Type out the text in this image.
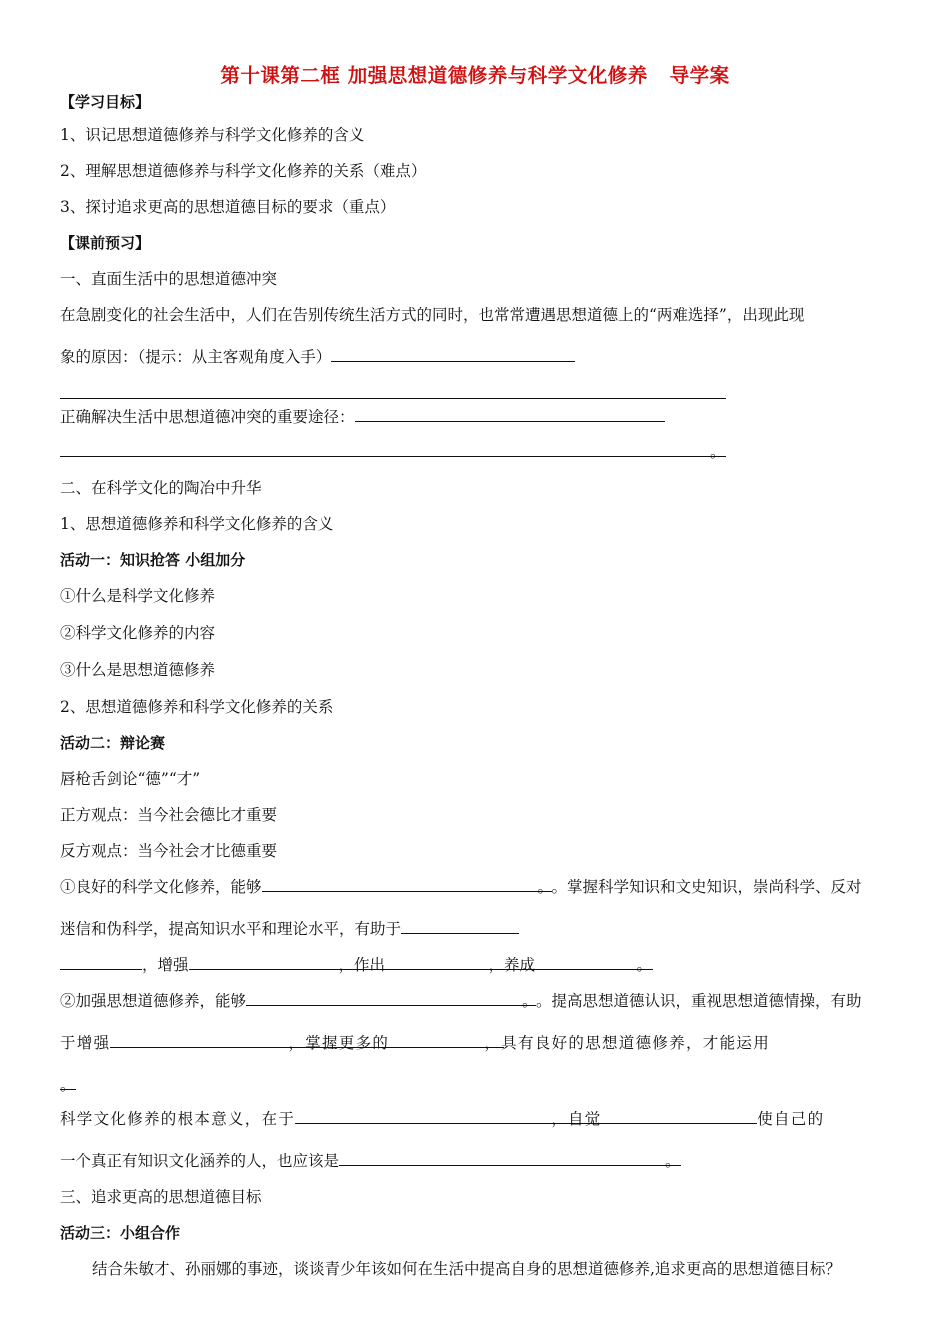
第十课第二框 加强思想道德修养与科学文化修养   导学案
【学习目标】
1、识记思想道德修养与科学文化修养的含义
2、理解思想道德修养与科学文化修养的关系（难点）
3、探讨追求更高的思想道德目标的要求（重点）
【课前预习】
一、直面生活中的思想道德冲突
在急剧变化的社会生活中，人们在告别传统生活方式的同时，也常常遭遇思想道德上的“两难选择”，出现此现
象的原因：（提示：从主客观角度入手）
正确解决生活中思想道德冲突的重要途径：
。
二、在科学文化的陶冶中升华
1、思想道德修养和科学文化修养的含义
活动一：知识抢答 小组加分
①什么是科学文化修养
②科学文化修养的内容
③什么是思想道德修养
2、思想道德修养和科学文化修养的关系
活动二：辩论赛
唇枪舌剑论“德”“才”
正方观点：当今社会德比才重要
反方观点：当今社会才比德重要
①良好的科学文化修养，能够	。。掌握科学知识和文史知识，崇尚科学、反对
迷信和伪科学，提高知识水平和理论水平，有助于
，增强	，作出	，养成	。
②加强思想道德修养，能够	。。提高思想道德认识，重视思想道德情操，有助
于增强	，掌握更多的	，具有良好的思想道德修养，才能运用
。
科学文化修养的根本意义，在于	，自觉	使自己的
一个真正有知识文化涵养的人，也应该是	。
三、追求更高的思想道德目标
活动三：小组合作
结合朱敏才、孙丽娜的事迹，谈谈青少年该如何在生活中提高自身的思想道德修养,追求更高的思想道德目标？
